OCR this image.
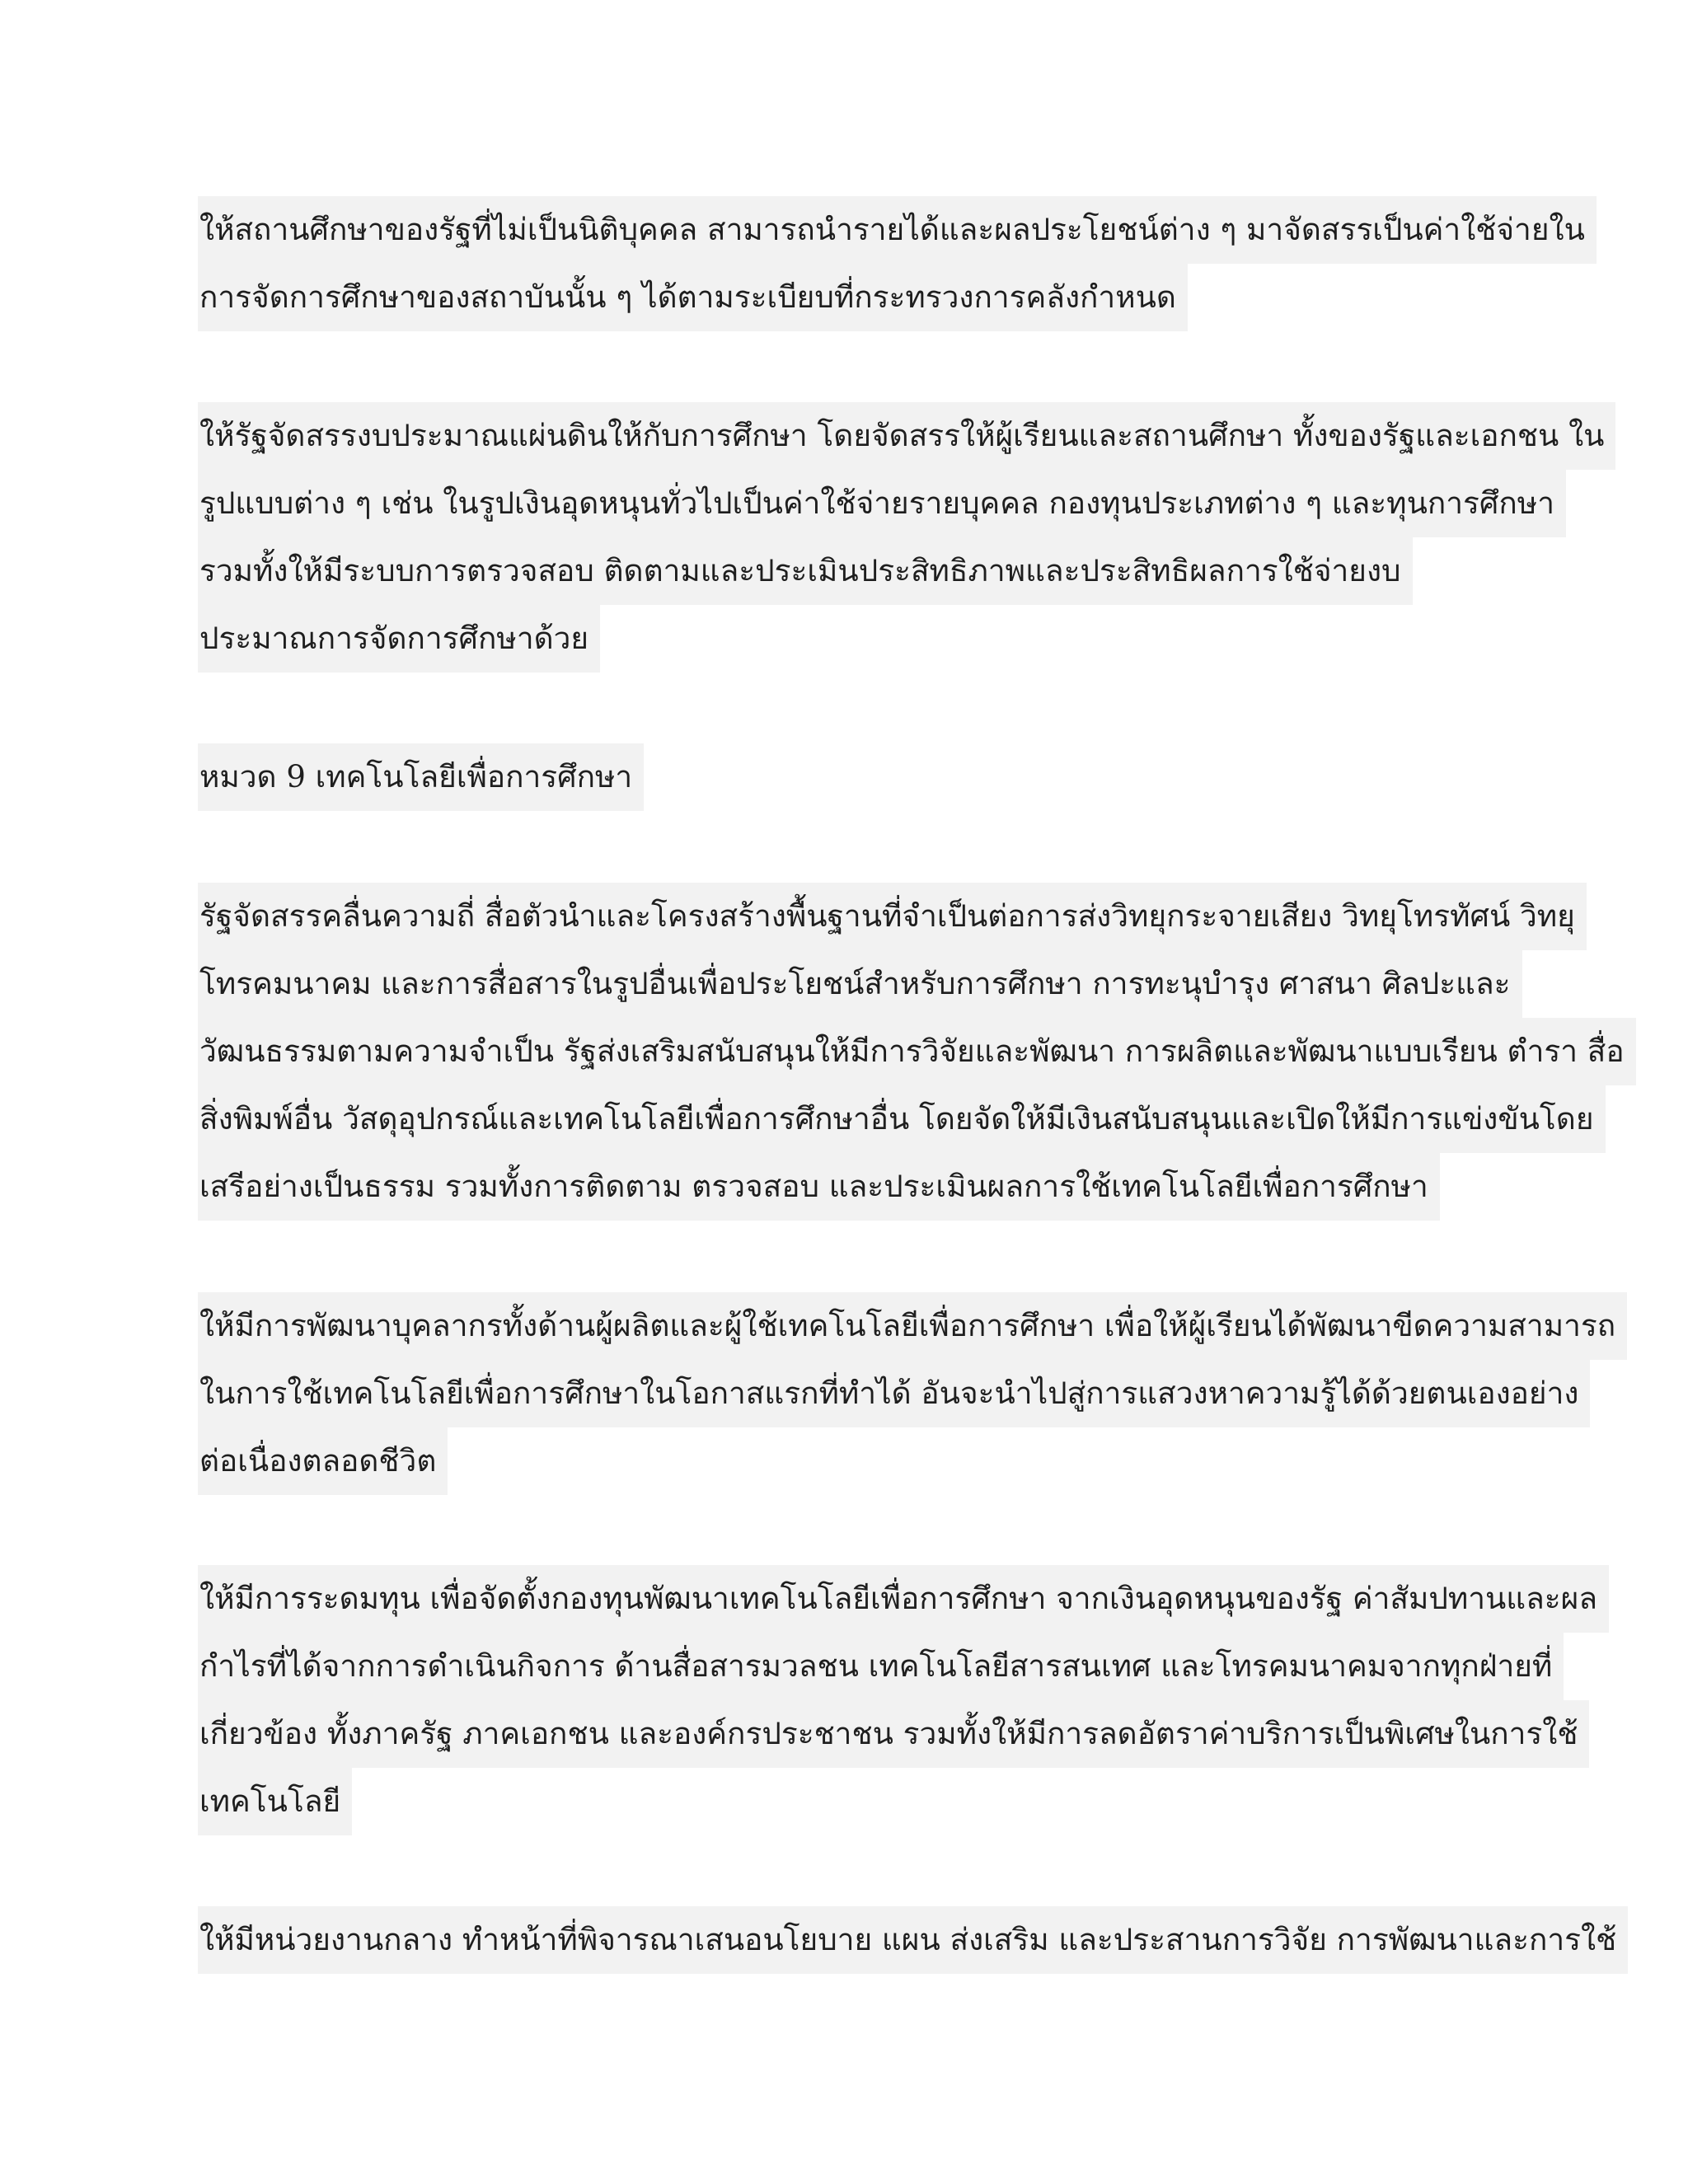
ให้สถานศึกษาของรัฐที่ไม่เป็นนิติบุคคล สามารถนำรายได้และผลประโยชน์ต่าง ๆ มาจัดสรรเป็นค่าใช้จ่ายใน
การจัดการศึกษาของสถาบันนั้น ๆ ได้ตามระเบียบที่กระทรวงการคลังกำหนด
ให้รัฐจัดสรรงบประมาณแผ่นดินให้กับการศึกษา โดยจัดสรรให้ผู้เรียนและสถานศึกษา ทั้งของรัฐและเอกชน ใน
รูปแบบต่าง ๆ เช่น ในรูปเงินอุดหนุนทั่วไปเป็นค่าใช้จ่ายรายบุคคล กองทุนประเภทต่าง ๆ และทุนการศึกษา
รวมทั้งให้มีระบบการตรวจสอบ ติดตามและประเมินประสิทธิภาพและประสิทธิผลการใช้จ่ายงบ
ประมาณการจัดการศึกษาด้วย
หมวด 9 เทคโนโลยีเพื่อการศึกษา
รัฐจัดสรรคลื่นความถี่ สื่อตัวนำและโครงสร้างพื้นฐานที่จำเป็นต่อการส่งวิทยุกระจายเสียง วิทยุโทรทัศน์ วิทยุ
โทรคมนาคม และการสื่อสารในรูปอื่นเพื่อประโยชน์สำหรับการศึกษา การทะนุบำรุง ศาสนา ศิลปะและ
วัฒนธรรมตามความจำเป็น รัฐส่งเสริมสนับสนุนให้มีการวิจัยและพัฒนา การผลิตและพัฒนาแบบเรียน ตำรา สื่อ
สิ่งพิมพ์อื่น วัสดุอุปกรณ์และเทคโนโลยีเพื่อการศึกษาอื่น โดยจัดให้มีเงินสนับสนุนและเปิดให้มีการแข่งขันโดย
เสรีอย่างเป็นธรรม รวมทั้งการติดตาม ตรวจสอบ และประเมินผลการใช้เทคโนโลยีเพื่อการศึกษา
ให้มีการพัฒนาบุคลากรทั้งด้านผู้ผลิตและผู้ใช้เทคโนโลยีเพื่อการศึกษา เพื่อให้ผู้เรียนได้พัฒนาขีดความสามารถ
ในการใช้เทคโนโลยีเพื่อการศึกษาในโอกาสแรกที่ทำได้ อันจะนำไปสู่การแสวงหาความรู้ได้ด้วยตนเองอย่าง
ต่อเนื่องตลอดชีวิต
ให้มีการระดมทุน เพื่อจัดตั้งกองทุนพัฒนาเทคโนโลยีเพื่อการศึกษา จากเงินอุดหนุนของรัฐ ค่าสัมปทานและผล
กำไรที่ได้จากการดำเนินกิจการ ด้านสื่อสารมวลชน เทคโนโลยีสารสนเทศ และโทรคมนาคมจากทุกฝ่ายที่
เกี่ยวข้อง ทั้งภาครัฐ ภาคเอกชน และองค์กรประชาชน รวมทั้งให้มีการลดอัตราค่าบริการเป็นพิเศษในการใช้
เทคโนโลยี
ให้มีหน่วยงานกลาง ทำหน้าที่พิจารณาเสนอนโยบาย แผน ส่งเสริม และประสานการวิจัย การพัฒนาและการใช้
